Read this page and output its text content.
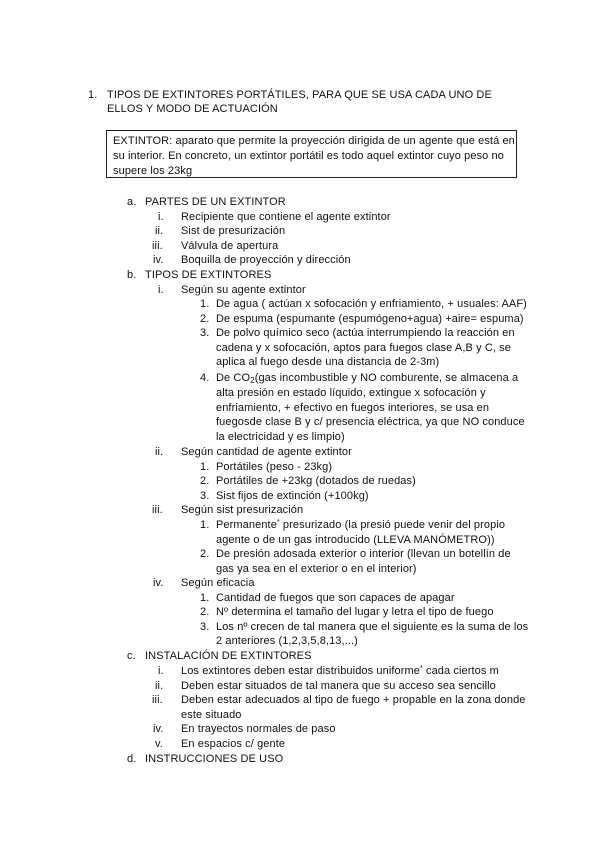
1. TIPOS DE EXTINTORES PORTÁTILES, PARA QUE SE USA CADA UNO DE
ELLOS Y MODO DE ACTUACIÓN
EXTINTOR: aparato que permite la proyección dirigida de un agente que está en
su interior. En concreto, un extintor portátil es todo aquel extintor cuyo peso no
supere los 23kg
a. PARTES DE UN EXTINTOR
i. Recipiente que contiene el agente extintor
ii. Sist de presurización
iii. Válvula de apertura
iv. Boquilla de proyección y dirección
b. TIPOS DE EXTINTORES
i. Según su agente extintor
1. De agua ( actúan x sofocación y enfriamiento, + usuales: AAF)
2. De espuma (espumante (espumógeno+agua) +aire= espuma)
3. De polvo químico seco (actúa interrumpiendo la reacción en
cadena y x sofocación, aptos para fuegos clase A,B y C, se
aplica al fuego desde una distancia de 2-3m)
4. De $CO_2(gas$ incombustible y NO comburente, se almacena a
alta presión en estado líquido, extingue x sofocación y
enfriamiento, + efectivo en fuegos interiores, se usa en
fuegosde clase B y c/ presencia eléctrica, ya que NO conduce
la electricidad y es limpio)
ii. Según cantidad de agente extintor
1. Portátiles (peso - 23kg)
2. Portátiles de +23kg (dotados de ruedas)
3. Sist fijos de extinción (+100kg)
iii. Según sist presurización
1. Permanente* presurizado (la presió puede venir del propio
agente o de un gas introducido (LLEVA MANÓMETRO))
2. De presión adosada exterior o interior (llevan un botellín de
gas ya sea en el exterior o en el interior)
iv. Según eficacia
1. Cantidad de fuegos que son capaces de apagar
2. Nº determina el tamaño del lugar y letra el tipo de fuego
3. Los nº crecen de tal manera que el siguiente es la suma de los
2 anteriores (1,2,3,5,8,13,...)
c. INSTALACIÓN DE EXTINTORES
i. Los extintores deben estar distribuidos uniforme* cada ciertos m
ii. Deben estar situados de tal manera que su acceso sea sencillo
iii. Deben estar adecuados al tipo de fuego + propable en la zona donde
este situado
iv. En trayectos normales de paso
v. En espacios c/ gente
d. INSTRUCCIONES DE USO
